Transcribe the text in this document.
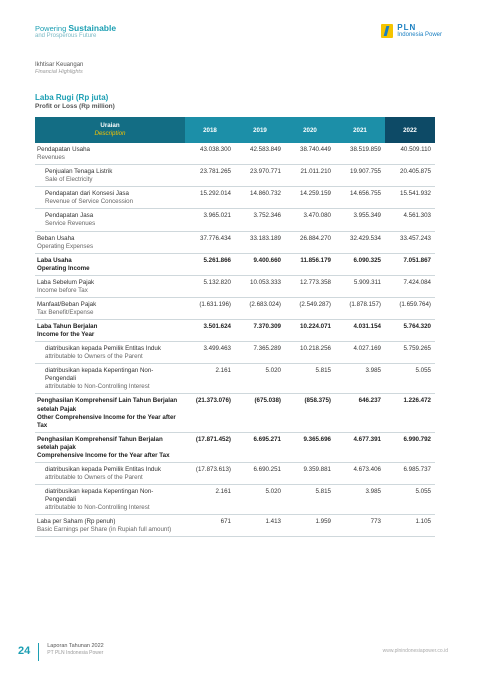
Powering Sustainable
and Prosperous Future
PLN
Indonesia Power
Ikhtisar Keuangan
Financial Highlights
Laba Rugi (Rp juta)
Profit or Loss (Rp million)
Uraian
Description	2018	2019	2020	2021	2022

Pendapatan Usaha
Revenues	43.038.300	42.583.849	38.740.449	38.519.859	40.509.110

Penjualan Tenaga Listrik
Sale of Electricity	23.781.265	23.970.771	21.011.210	19.907.755	20.405.875

Pendapatan dari Konsesi Jasa
Revenue of Service Concession	15.292.014	14.860.732	14.259.159	14.656.755	15.541.932

Pendapatan Jasa
Service Revenues	3.965.021	3.752.346	3.470.080	3.955.349	4.561.303

Beban Usaha
Operating Expenses	37.776.434	33.183.189	26.884.270	32.429.534	33.457.243

Laba Usaha
Operating Income	5.261.866	9.400.660	11.856.179	6.090.325	7.051.867

Laba Sebelum Pajak
Income before Tax	5.132.820	10.053.333	12.773.358	5.909.311	7.424.084

Manfaat/Beban Pajak
Tax Benefit/Expense	(1.631.196)	(2.683.024)	(2.549.287)	(1.878.157)	(1.659.764)

Laba Tahun Berjalan
Income for the Year	3.501.624	7.370.309	10.224.071	4.031.154	5.764.320

diatribusikan kepada Pemilik Entitas Induk
attributable to Owners of the Parent	3.499.463	7.365.289	10.218.256	4.027.169	5.759.265

diatribusikan kepada Kepentingan Non-Pengendali
attributable to Non-Controlling Interest	2.161	5.020	5.815	3.985	5.055

Penghasilan Komprehensif Lain Tahun Berjalan setelah Pajak
Other Comprehensive Income for the Year after Tax	(21.373.076)	(675.038)	(858.375)	646.237	1.226.472

Penghasilan Komprehensif Tahun Berjalan setelah pajak
Comprehensive Income for the Year after Tax	(17.871.452)	6.695.271	9.365.696	4.677.391	6.990.792

diatribusikan kepada Pemilik Entitas Induk
attributable to Owners of the Parent	(17.873.613)	6.690.251	9.359.881	4.673.406	6.985.737

diatribusikan kepada Kepentingan Non-Pengendali
attributable to Non-Controlling Interest	2.161	5.020	5.815	3.985	5.055

Laba per Saham (Rp penuh)
Basic Earnings per Share (in Rupiah full amount)	671	1.413	1.959	773	1.105
24	Laporan Tahunan 2022
PT PLN Indonesia Power	www.plnindonesiapower.co.id
